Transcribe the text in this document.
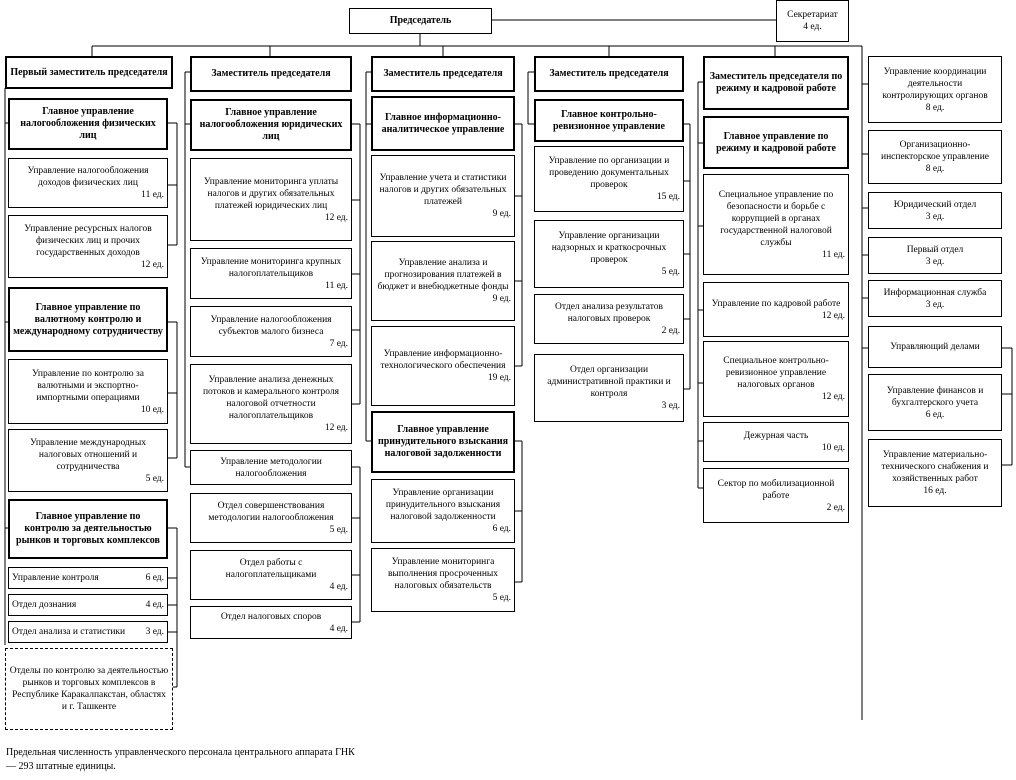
Председатель	Секретариат
4 ед.
Первый заместитель председателя
Главное управление налогообложения физических лиц
Управление налогообложения доходов физических лиц
11 ед.
Управление ресурсных налогов физических лиц и прочих государственных доходов
12 ед.
Главное управление по валютному контролю и международному сотрудничеству
Управление по контролю за валютными и экспортно-импортными операциями
10 ед.
Управление международных налоговых отношений и сотрудничества
5 ед.
Главное управление по контролю за деятельностью рынков и торговых комплексов
Управление контроля	6 ед.
Отдел дознания	4 ед.
Отдел анализа и статистики 3 ед.
Отделы по контролю за деятельностью рынков и торговых комплексов в Республике Каракалпакстан, областях и г. Ташкенте
Заместитель председателя
Главное управление налогообложения юридических лиц
Управление мониторинга уплаты налогов и других обязательных платежей юридических лиц
12 ед.
Управление мониторинга крупных налогоплательщиков
11 ед.
Управление налогообложения субъектов малого бизнеса
7 ед.
Управление анализа денежных потоков и камерального контроля налоговой отчетности налогоплательщиков
12 ед.
Управление методологии налогообложения
Отдел совершенствования методологии налогообложения
5 ед.
Отдел работы с налогоплательщиками
4 ед.
Отдел налоговых споров
4 ед.
Заместитель председателя
Главное информационно-аналитическое управление
Управление учета и статистики налогов и других обязательных платежей
9 ед.
Управление анализа и прогнозирования платежей в бюджет и внебюджетные фонды
9 ед.
Управление информационно-технологического обеспечения
19 ед.
Главное управление принудительного взыскания налоговой задолженности
Управление организации принудительного взыскания налоговой задолженности
6 ед.
Управление мониторинга выполнения просроченных налоговых обязательств
5 ед.
Заместитель председателя
Главное контрольно-ревизионное управление
Управление по организации и проведению документальных проверок
15 ед.
Управление организации надзорных и краткосрочных проверок
5 ед.
Отдел анализа результатов налоговых проверок
2 ед.
Отдел организации административной практики и контроля
3 ед.
Заместитель председателя по режиму и кадровой работе
Главное управление по режиму и кадровой работе
Специальное управление по безопасности и борьбе с коррупцией в органах государственной налоговой службы
11 ед.
Управление по кадровой работе
12 ед.
Специальное контрольно-ревизионное управление налоговых органов
12 ед.
Дежурная часть
10 ед.
Сектор по мобилизационной работе
2 ед.
Управление координации деятельности контролирующих органов
8 ед.
Организационно-инспекторское управление
8 ед.
Юридический отдел
3 ед.
Первый отдел
3 ед.
Информационная служба
3 ед.
Управляющий делами
Управление финансов и бухгалтерского учета
6 ед.
Управление материально-технического снабжения и хозяйственных работ
16 ед.
Предельная численность управленческого персонала центрального аппарата ГНК — 293 штатные единицы.
